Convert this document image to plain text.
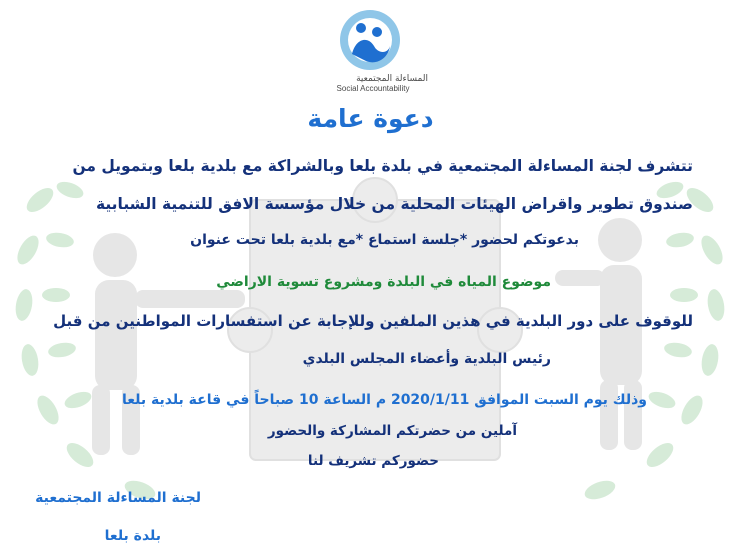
المساءلة المجتمعية
Social Accountability
دعوة عامة
تتشرف لجنة المساءلة المجتمعية في بلدة بلعا وبالشراكة مع بلدية بلعا وبتمويل من
صندوق تطوير واقراض الهيئات المحلية من خلال مؤسسة الافق للتنمية الشبابية
بدعوتكم لحضور *جلسة استماع *مع بلدية بلعا تحت عنوان
موضوع المياه في البلدة ومشروع تسوية الاراضي
للوقوف على دور البلدية في هذين الملفين وللإجابة عن استفسارات المواطنين من قبل
رئيس البلدية وأعضاء المجلس البلدي
وذلك يوم السبت الموافق 2020/1/11 م الساعة 10 صباحاً في قاعة بلدية بلعا
آملين من حضرتكم المشاركة والحضور
حضوركم تشريف لنا
لجنة المساءلة المجتمعية
بلدة بلعا
